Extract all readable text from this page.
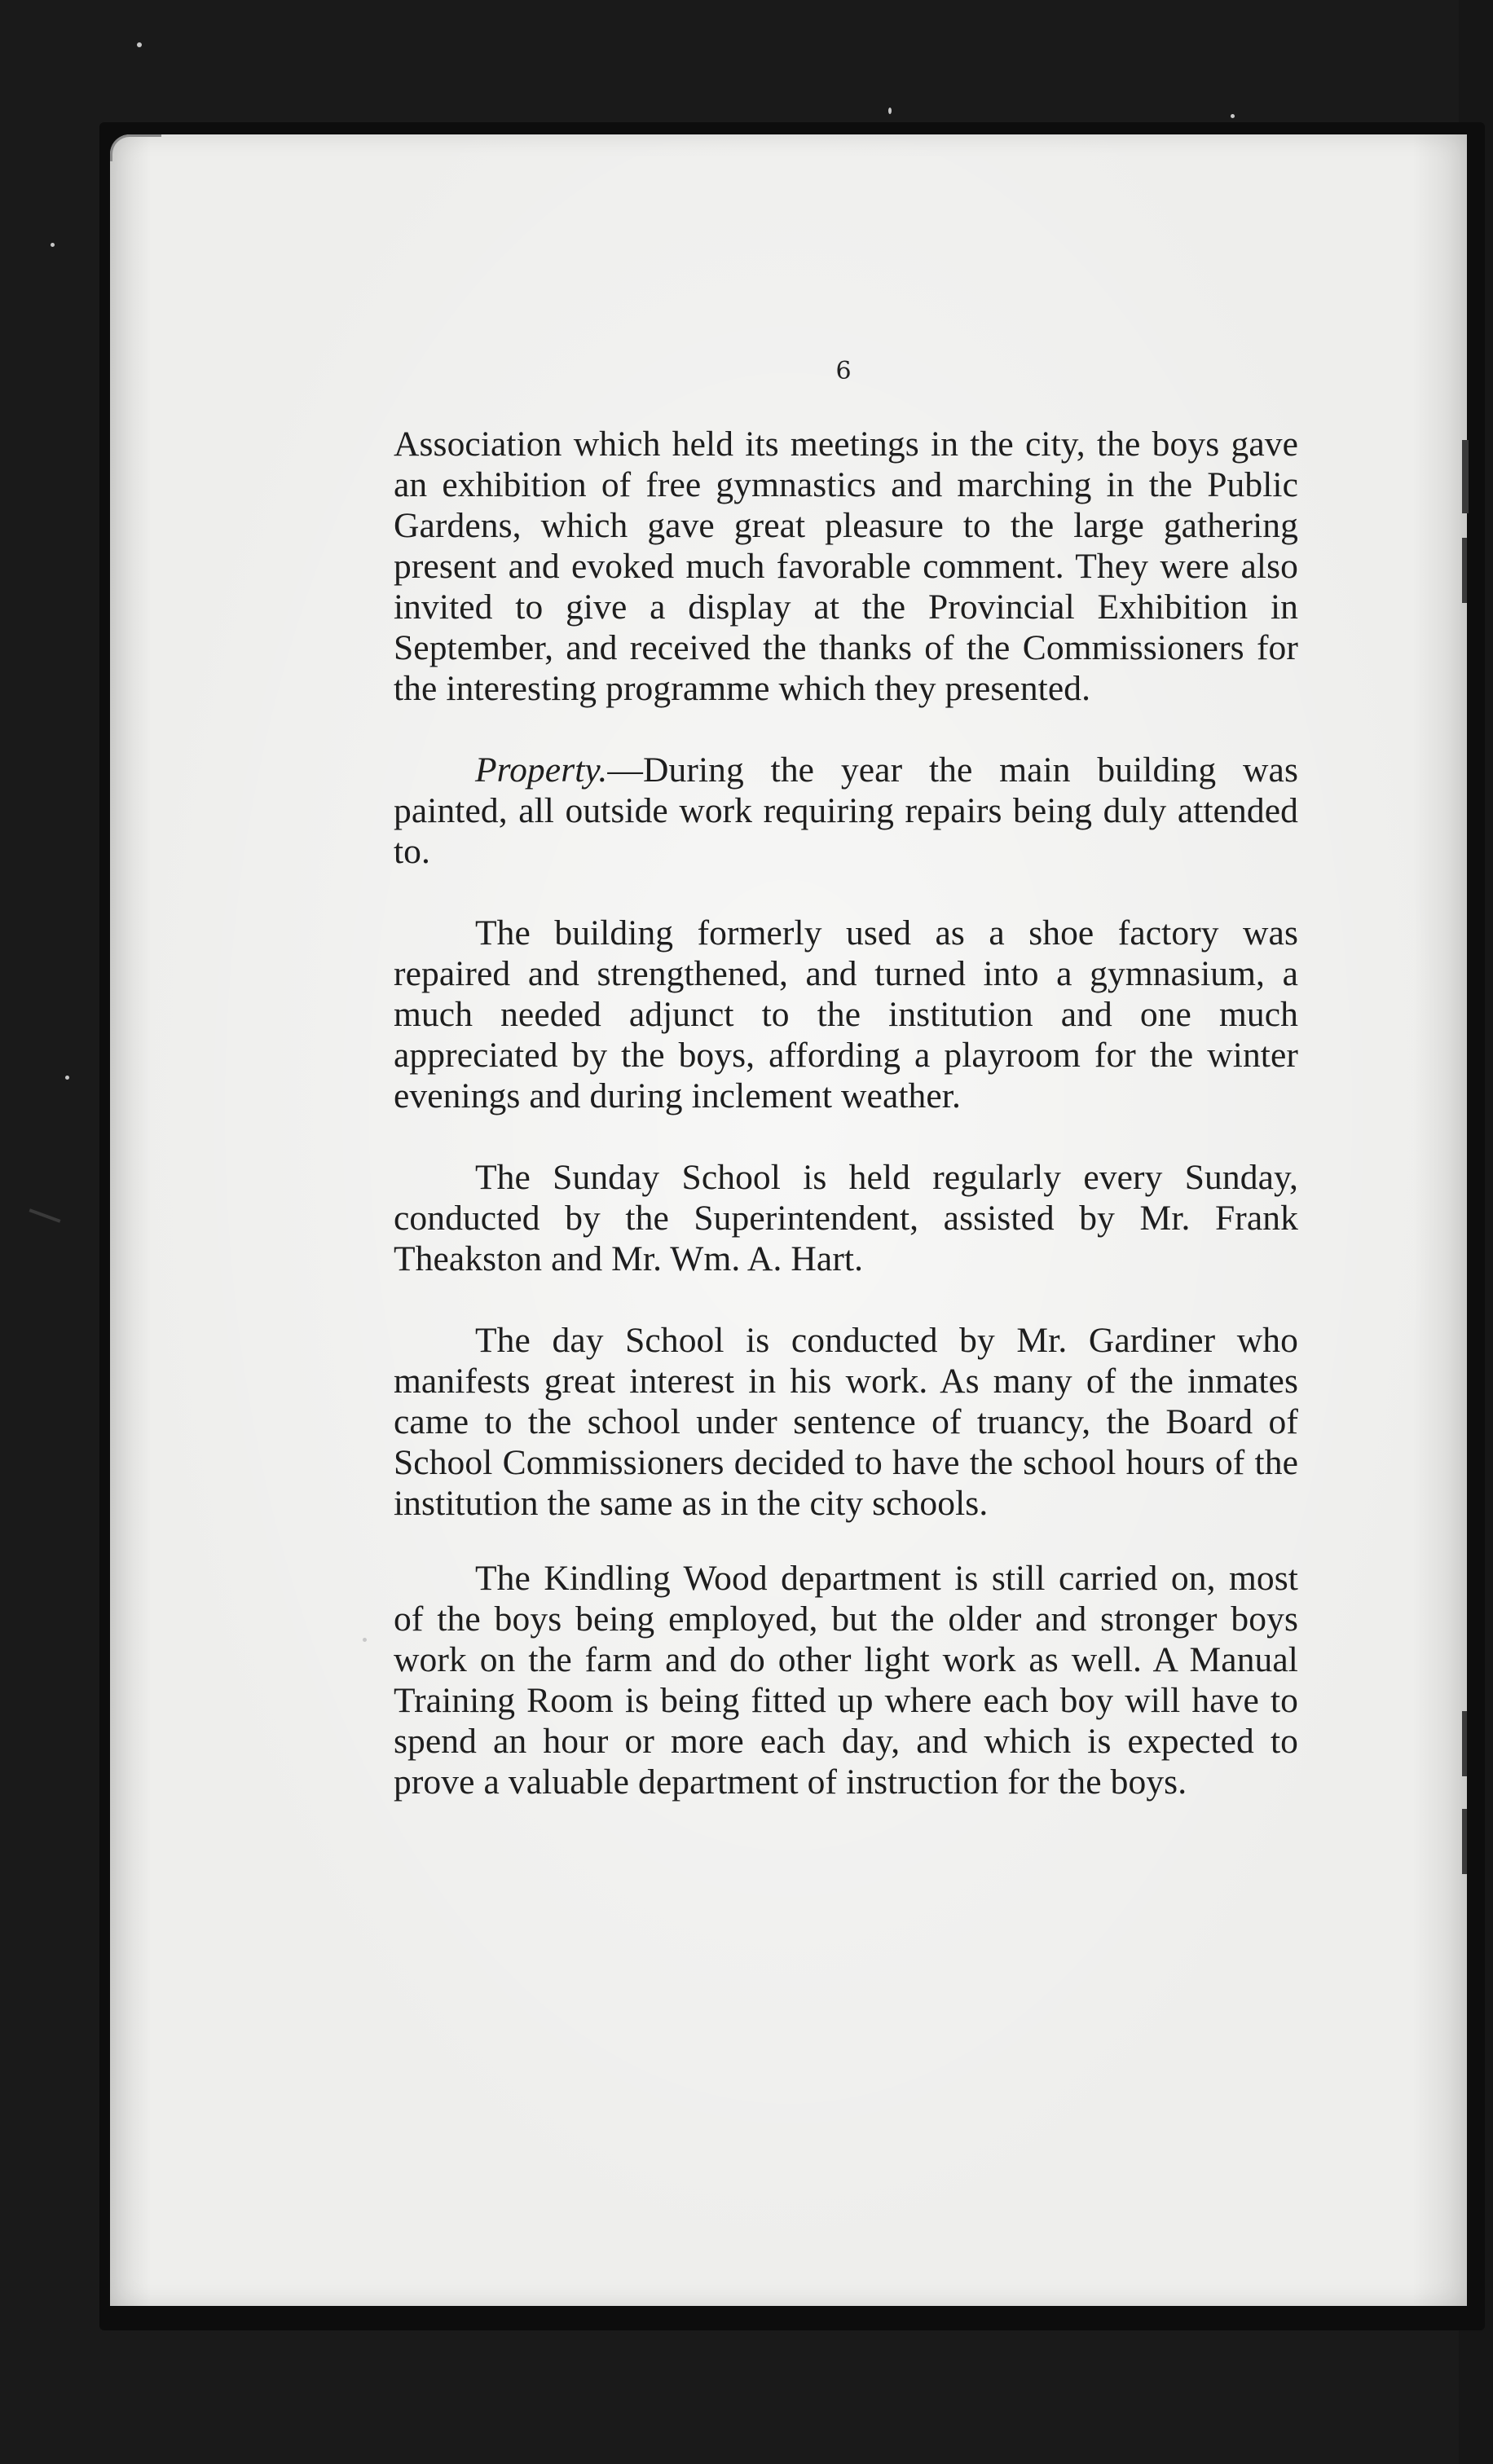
6

Association which held its meetings in the city, the boys gave an exhibition of free gymnastics and marching in the Public Gardens, which gave great pleasure to the large gathering present and evoked much favorable comment. They were also invited to give a display at the Provincial Exhibition in September, and received the thanks of the Commissioners for the interesting programme which they presented.

Property.—During the year the main building was painted, all outside work requiring repairs being duly attended to.

The building formerly used as a shoe factory was repaired and strengthened, and turned into a gymnasium, a much needed adjunct to the institution and one much appreciated by the boys, affording a playroom for the winter evenings and during inclement weather.

The Sunday School is held regularly every Sunday, conducted by the Superintendent, assisted by Mr. Frank Theakston and Mr. Wm. A. Hart.

The day School is conducted by Mr. Gardiner who manifests great interest in his work. As many of the inmates came to the school under sentence of truancy, the Board of School Commissioners decided to have the school hours of the institution the same as in the city schools.

The Kindling Wood department is still carried on, most of the boys being employed, but the older and stronger boys work on the farm and do other light work as well. A Manual Training Room is being fitted up where each boy will have to spend an hour or more each day, and which is expected to prove a valuable department of instruction for the boys.
